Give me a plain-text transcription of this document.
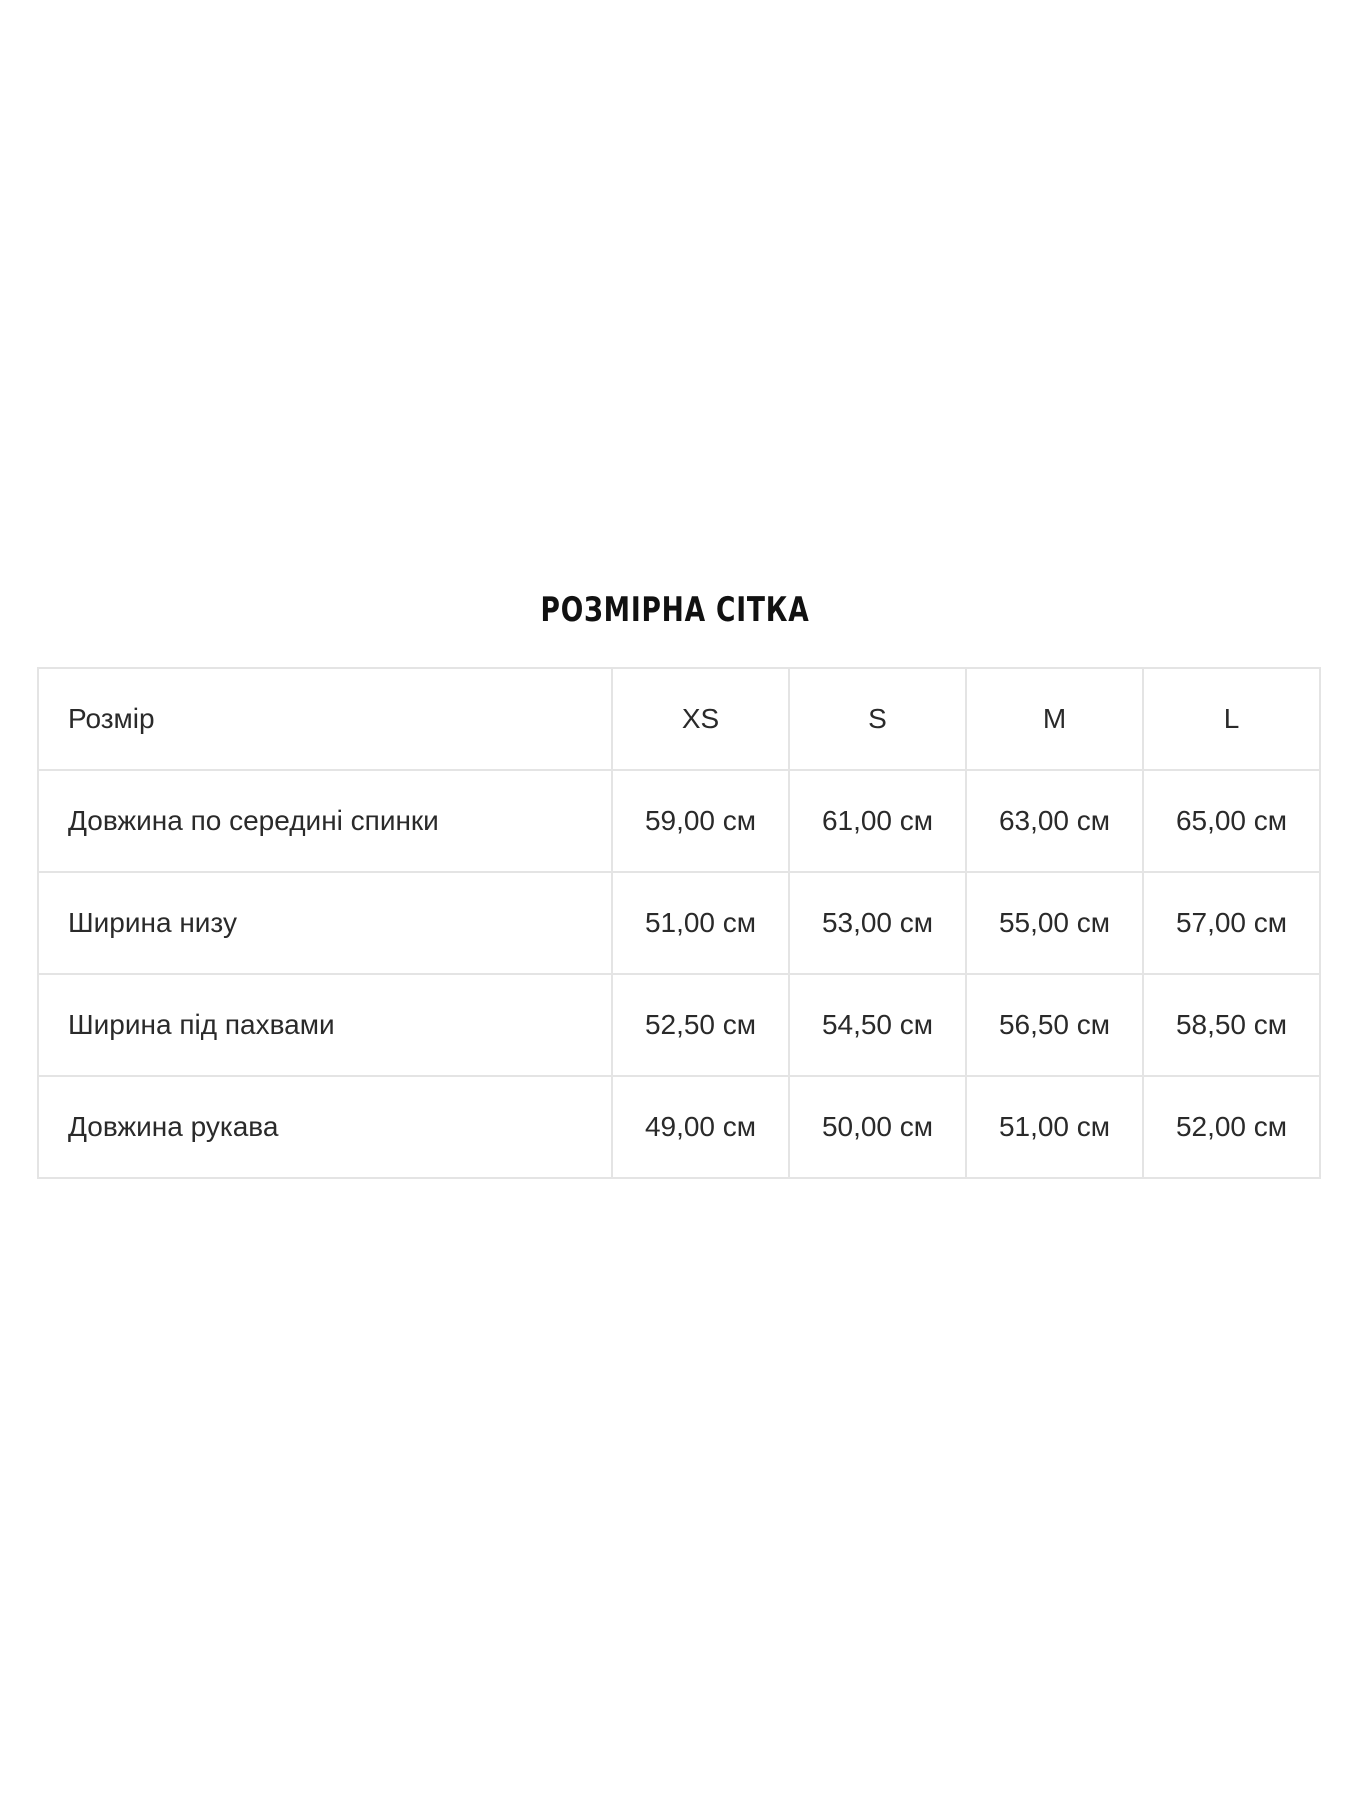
РОЗМІРНА СІТКА
Розмір	XS	S	M	L
Довжина по середині спинки	59,00 см	61,00 см	63,00 см	65,00 см
Ширина низу	51,00 см	53,00 см	55,00 см	57,00 см
Ширина під пахвами	52,50 см	54,50 см	56,50 см	58,50 см
Довжина рукава	49,00 см	50,00 см	51,00 см	52,00 см
